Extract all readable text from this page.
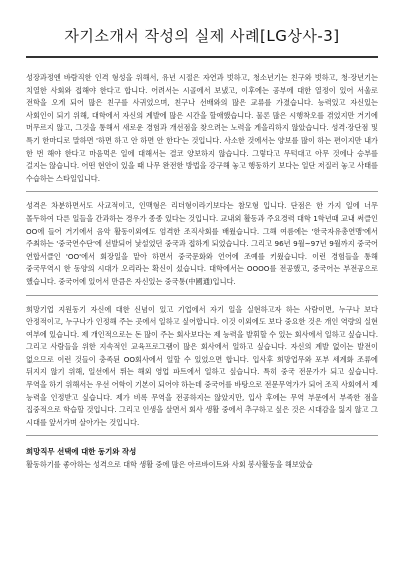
자기소개서 작성의 실제 사례[LG상사-3]

성장과정엔 바람직한 인격 형성을 위해서, 유년 시절은 자연과 벗하고, 청소년기는 친구와 벗하고, 청·장년기는 치열한 사회와 접해야 한다고 합니다. 어려서는 시골에서 보냈고, 이후에는 공부에 대한 열정이 있어 서울로 전학을 오게 되어 많은 친구를 사귀었으며, 친구나 선배와의 많은 교류를 가졌습니다. 능력있고 자신있는 사회인이 되기 위해, 대학에서 자신의 계발에 많은 시간을 할애했습니다. 물론 많은 시행착오를 겪었지만 거기에 머무르지 않고, 그것을 통해서 새로운 경험과 개선점을 찾으려는 노력을 게을리하지 않았습니다. 성격·장단점 및 특기 한마디로 말하면 '하면 하고 안 하면 안 한다'는 것입니다. 사소한 것에서는 양보를 많이 하는 편이지만 내가 한 번 해야 한다고 마음먹은 일에 대해서는 결코 양보하지 않습니다. 그렇다고 무턱대고 아무 것에나 승부를 걸지는 않습니다. 어떤 현안이 있을 때 나무 완전한 방법을 강구해 놓고 행동하기 보다는 일단 저질러 놓고 사태를 수습하는 스타일입니다.

성격은 차분하면서도 사교적이고, 인맥형은 리더형이라기보다는 참모형 입니다. 단점은 한 가지 일에 너무 몰두하여 다른 일들을 간과하는 경우가 종종 있다는 것입니다. 교내외 활동과 주요경력 대학 1학년때 교내 써클인 OO에 들어 거기에서 음악 활동이외에도 엄격한 조직사회를 배웠습니다. 그해 여름에는 '한국자유총연맹'에서 주최하는 '중국연수단'에 선발되어 낯설었던 중국과 접하게 되었습니다. 그리고 96년 9월~97년 9월까지 중국어 연합서클인 'OO'에서 회장일을 맡아 하면서 중국문화와 언어에 조예를 키웠습니다. 이런 경험들을 통해 중국무역시 한 동양의 시대가 오리라는 확신이 섰습니다. 대학에서는 OOOO를 전공했고, 중국어는 부전공으로 했습니다. 중국어에 있어서 만큼은 자신있는 중국통(中國通)입니다.

희망기업 지원동기 자신에 대한 신념이 있고 기업에서 자기 일을 실현하고자 하는 사람이면, 누구나 보다 안정적이고, 누구나가 인정해 주는 곳에서 일하고 싶어합니다. 이것 이외에도 보다 중요한 것은 개인 역량의 실현 여부에 있습니다. 제 개인적으로는 돈 많이 주는 회사보다는 제 능력을 발휘할 수 있는 회사에서 일하고 싶습니다. 그리고 사람들을 위한 지속적인 교육프로그램이 많은 회사에서 일하고 싶습니다. 자신의 계발 없이는 발전이 없으므로 이런 것들이 충족된 OO회사에서 일할 수 있었으면 합니다. 입사후 희망업무와 포부 세계화 조류에 뒤지지 않기 위해, 일선에서 뛰는 해외 영업 파트에서 일하고 싶습니다. 특히 중국 전문가가 되고 싶습니다. 무역을 하기 위해서는 우선 어학이 기본이 되어야 하는데 중국어를 바탕으로 전문무역가가 되어 조직 사회에서 제 능력을 인정받고 싶습니다. 제가 비록 무역을 전공하지는 않았지만, 입사 후에는 무역 부문에서 부족한 점을 집중적으로 학습할 것입니다. 그리고 인생을 살면서 회사 생활 중에서 추구하고 싶은 것은 시대감을 잃지 않고 그 시대를 앞서가며 살아가는 것입니다.

희망직무 선택에 대한 동기와 작성

활동하기를 좋아하는 성격으로 대학 생활 중에 많은 아르바이트와 사회 봉사활동을 해보았습
